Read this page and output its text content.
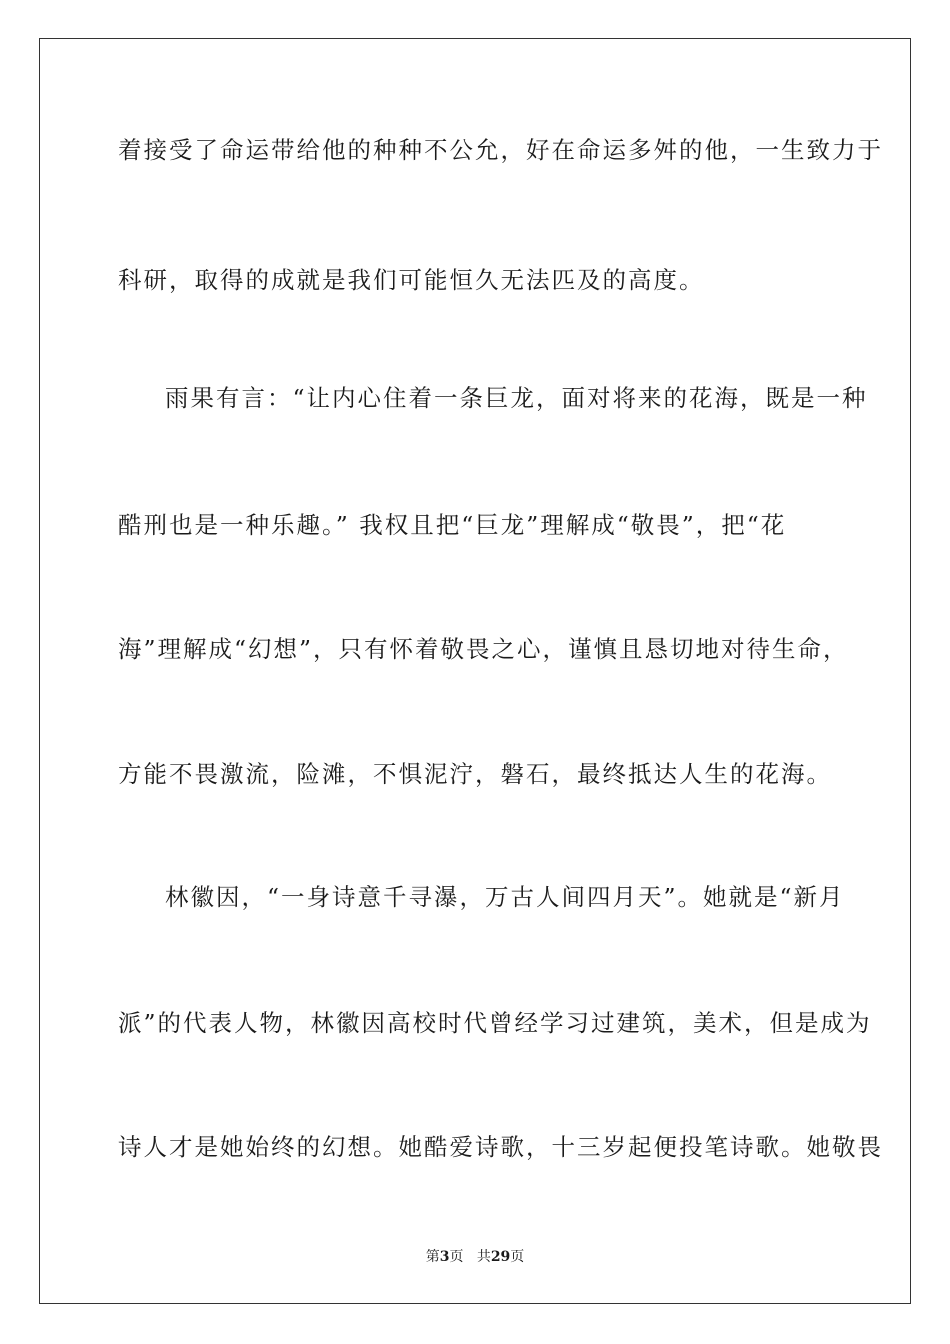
着接受了命运带给他的种种不公允，好在命运多舛的他，一生致力于
科研，取得的成就是我们可能恒久无法匹及的高度。
雨果有言：“让内心住着一条巨龙，面对将来的花海，既是一种
酷刑也是一种乐趣。” 我权且把“巨龙”理解成“敬畏”，把“花
海”理解成“幻想”，只有怀着敬畏之心，谨慎且恳切地对待生命，
方能不畏激流，险滩，不惧泥泞，磐石，最终抵达人生的花海。
林徽因，“一身诗意千寻瀑，万古人间四月天”。她就是“新月
派”的代表人物，林徽因高校时代曾经学习过建筑，美术，但是成为
诗人才是她始终的幻想。她酷爱诗歌，十三岁起便投笔诗歌。她敬畏
第3页 共29页
